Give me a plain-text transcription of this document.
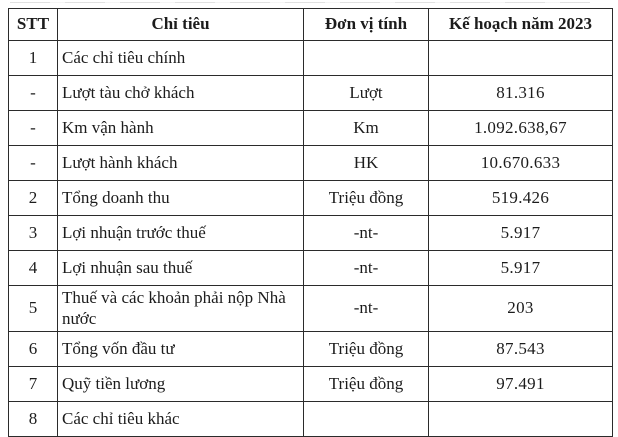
STT	Chỉ tiêu	Đơn vị tính	Kế hoạch năm 2023
1	Các chỉ tiêu chính		
-	Lượt tàu chở khách	Lượt	81.316
-	Km vận hành	Km	1.092.638,67
-	Lượt hành khách	HK	10.670.633
2	Tổng doanh thu	Triệu đồng	519.426
3	Lợi nhuận trước thuế	-nt-	5.917
4	Lợi nhuận sau thuế	-nt-	5.917
5	Thuế và các khoản phải nộp Nhà nước	-nt-	203
6	Tổng vốn đầu tư	Triệu đồng	87.543
7	Quỹ tiền lương	Triệu đồng	97.491
8	Các chỉ tiêu khác		
